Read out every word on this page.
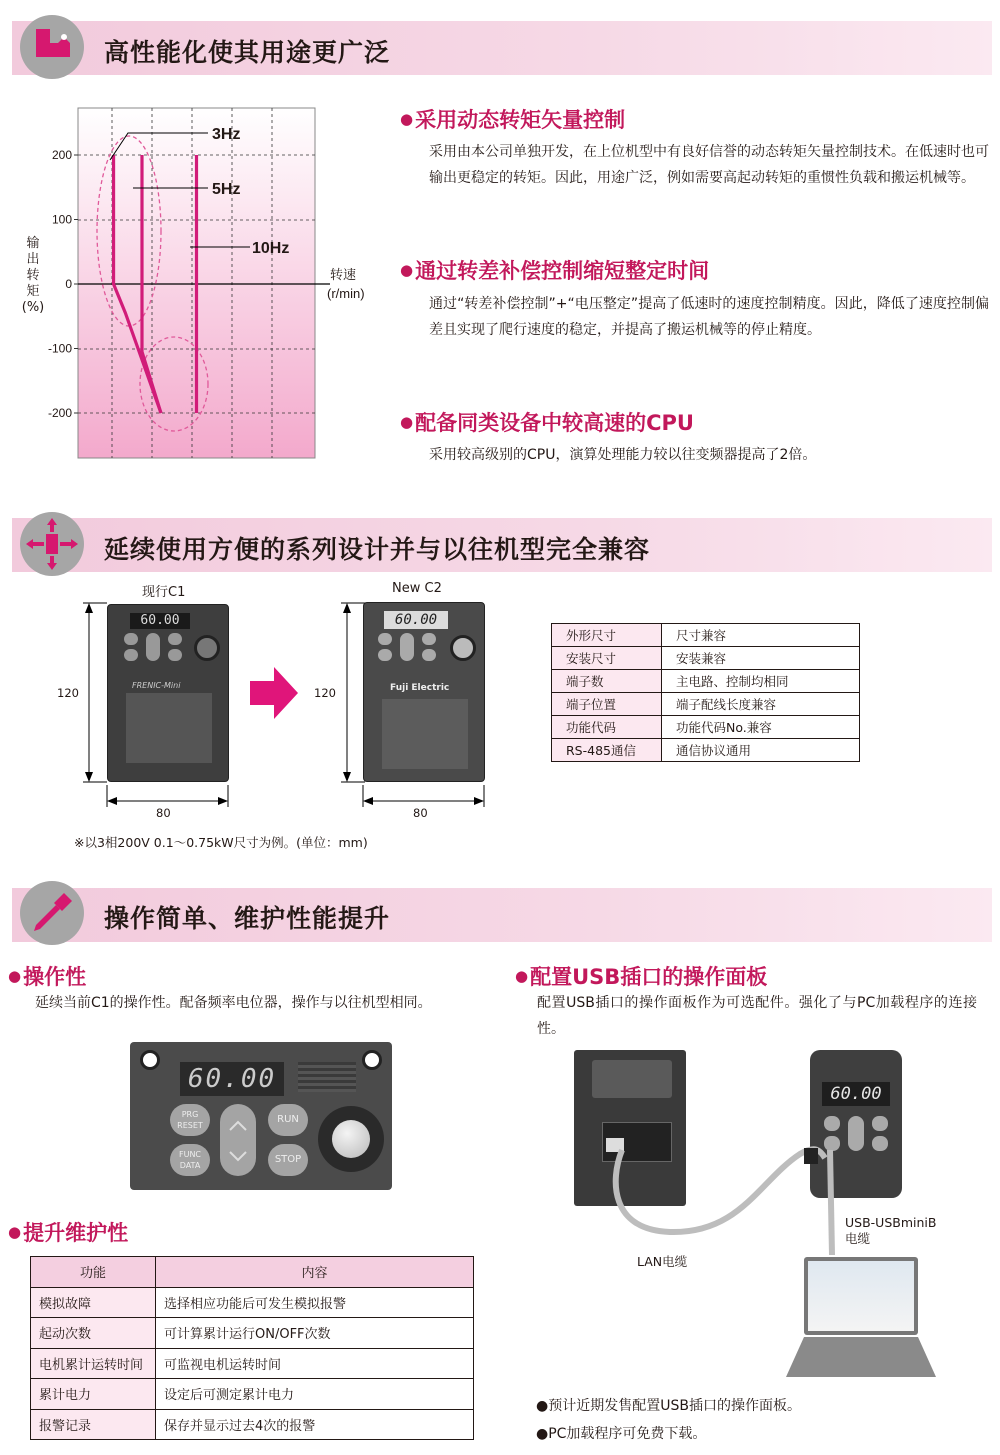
高性能化使其用途更广泛
输
出
转
矩
(%)
200
100
0
-100
-200
3Hz
5Hz
10Hz
转速
(r/min)
●采用动态转矩矢量控制
采用由本公司单独开发，在上位机型中有良好信誉的动态转矩矢量控制技术。在低速时也可输出更稳定的转矩。因此，用途广泛，例如需要高起动转矩的重惯性负载和搬运机械等。
●通过转差补偿控制缩短整定时间
通过“转差补偿控制”+“电压整定”提高了低速时的速度控制精度。因此，降低了速度控制偏差且实现了爬行速度的稳定，并提高了搬运机械等的停止精度。
●配备同类设备中较高速的CPU
采用较高级别的CPU，演算处理能力较以往变频器提高了2倍。
延续使用方便的系列设计并与以往机型完全兼容
现行C1	New C2
120
80
60.00
FRENIC-Mini
120
80
60.00
Fuji Electric
※以3相200V 0.1～0.75kW尺寸为例。(单位：mm)
外形尺寸	尺寸兼容
安装尺寸	安装兼容
端子数	主电路、控制均相同
端子位置	端子配线长度兼容
功能代码	功能代码No.兼容
RS-485通信	通信协议通用
操作简单、维护性能提升
●操作性
延续当前C1的操作性。配备频率电位器，操作与以往机型相同。
60.00
PRG
RESET
FUNC
DATA
RUN
STOP
●提升维护性
功能	内容
模拟故障	选择相应功能后可发生模拟报警
起动次数	可计算累计运行ON/OFF次数
电机累计运转时间	可监视电机运转时间
累计电力	设定后可测定累计电力
报警记录	保存并显示过去4次的报警
●配置USB插口的操作面板
配置USB插口的操作面板作为可选配件。强化了与PC加载程序的连接性。
60.00
LAN电缆
USB-USBminiB
电缆
●预计近期发售配置USB插口的操作面板。
●PC加载程序可免费下载。
